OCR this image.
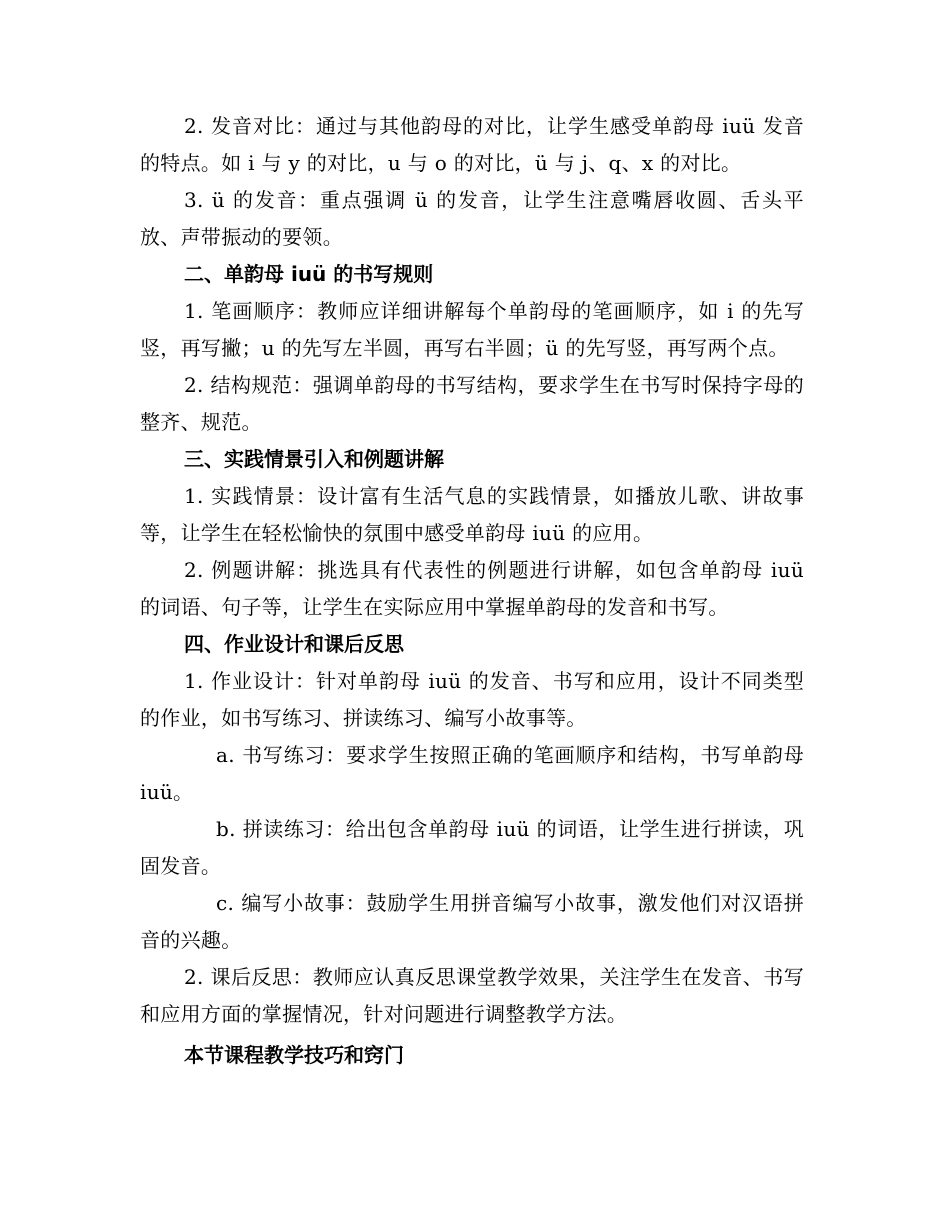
2. 发音对比：通过与其他韵母的对比，让学生感受单韵母 iuü 发音的特点。如 i 与 y 的对比，u 与 o 的对比，ü 与 j、q、x 的对比。

3. ü 的发音：重点强调 ü 的发音，让学生注意嘴唇收圆、舌头平放、声带振动的要领。

二、单韵母 iuü 的书写规则

1. 笔画顺序：教师应详细讲解每个单韵母的笔画顺序，如 i 的先写竖，再写撇；u 的先写左半圆，再写右半圆；ü 的先写竖，再写两个点。

2. 结构规范：强调单韵母的书写结构，要求学生在书写时保持字母的整齐、规范。

三、实践情景引入和例题讲解

1. 实践情景：设计富有生活气息的实践情景，如播放儿歌、讲故事等，让学生在轻松愉快的氛围中感受单韵母 iuü 的应用。

2. 例题讲解：挑选具有代表性的例题进行讲解，如包含单韵母 iuü 的词语、句子等，让学生在实际应用中掌握单韵母的发音和书写。

四、作业设计和课后反思

1. 作业设计：针对单韵母 iuü 的发音、书写和应用，设计不同类型的作业，如书写练习、拼读练习、编写小故事等。

a. 书写练习：要求学生按照正确的笔画顺序和结构，书写单韵母 iuü。

b. 拼读练习：给出包含单韵母 iuü 的词语，让学生进行拼读，巩固发音。

c. 编写小故事：鼓励学生用拼音编写小故事，激发他们对汉语拼音的兴趣。

2. 课后反思：教师应认真反思课堂教学效果，关注学生在发音、书写和应用方面的掌握情况，针对问题进行调整教学方法。

本节课程教学技巧和窍门
